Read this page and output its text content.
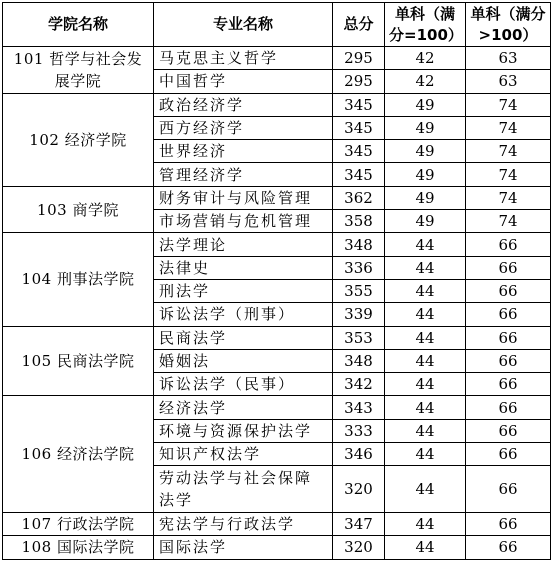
学院名称	专业名称	总分	单科（满分=100）	单科（满分>100）
101 哲学与社会发展学院	马克思主义哲学	295	42	63
	中国哲学	295	42	63
102 经济学院	政治经济学	345	49	74
	西方经济学	345	49	74
	世界经济	345	49	74
	管理经济学	345	49	74
103 商学院	财务审计与风险管理	362	49	74
	市场营销与危机管理	358	49	74
104 刑事法学院	法学理论	348	44	66
	法律史	336	44	66
	刑法学	355	44	66
	诉讼法学（刑事）	339	44	66
105 民商法学院	民商法学	353	44	66
	婚姻法	348	44	66
	诉讼法学（民事）	342	44	66
106 经济法学院	经济法学	343	44	66
	环境与资源保护法学	333	44	66
	知识产权法学	346	44	66
	劳动法学与社会保障法学	320	44	66
107 行政法学院	宪法学与行政法学	347	44	66
108 国际法学院	国际法学	320	44	66
